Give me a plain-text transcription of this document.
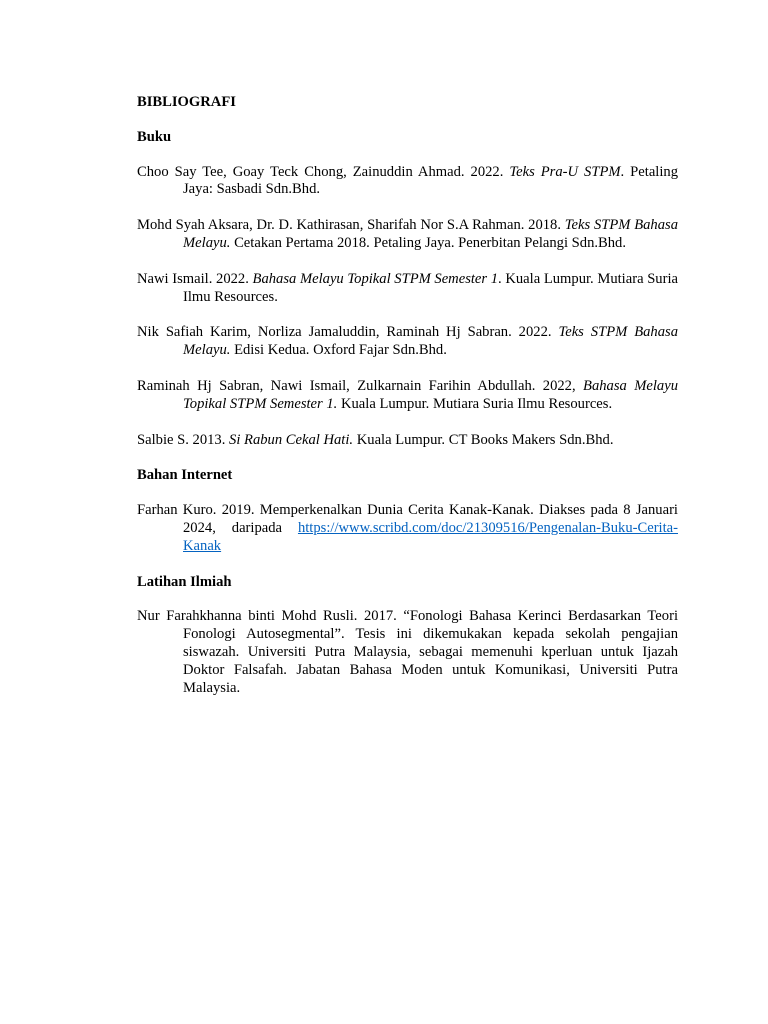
BIBLIOGRAFI

Buku

Choo Say Tee, Goay Teck Chong, Zainuddin Ahmad. 2022. Teks Pra-U STPM. Petaling Jaya: Sasbadi Sdn.Bhd.

Mohd Syah Aksara, Dr. D. Kathirasan, Sharifah Nor S.A Rahman. 2018. Teks STPM Bahasa Melayu. Cetakan Pertama 2018. Petaling Jaya. Penerbitan Pelangi Sdn.Bhd.

Nawi Ismail. 2022. Bahasa Melayu Topikal STPM Semester 1. Kuala Lumpur. Mutiara Suria Ilmu Resources.

Nik Safiah Karim, Norliza Jamaluddin, Raminah Hj Sabran. 2022. Teks STPM Bahasa Melayu. Edisi Kedua. Oxford Fajar Sdn.Bhd.

Raminah Hj Sabran, Nawi Ismail, Zulkarnain Farihin Abdullah. 2022, Bahasa Melayu Topikal STPM Semester 1. Kuala Lumpur. Mutiara Suria Ilmu Resources.

Salbie S. 2013. Si Rabun Cekal Hati. Kuala Lumpur. CT Books Makers Sdn.Bhd.

Bahan Internet

Farhan Kuro. 2019. Memperkenalkan Dunia Cerita Kanak-Kanak. Diakses pada 8 Januari 2024, daripada https://www.scribd.com/doc/21309516/Pengenalan-Buku-Cerita-Kanak

Latihan Ilmiah

Nur Farahkhanna binti Mohd Rusli. 2017. “Fonologi Bahasa Kerinci Berdasarkan Teori Fonologi Autosegmental”. Tesis ini dikemukakan kepada sekolah pengajian siswazah. Universiti Putra Malaysia, sebagai memenuhi kperluan untuk Ijazah Doktor Falsafah. Jabatan Bahasa Moden untuk Komunikasi, Universiti Putra Malaysia.
